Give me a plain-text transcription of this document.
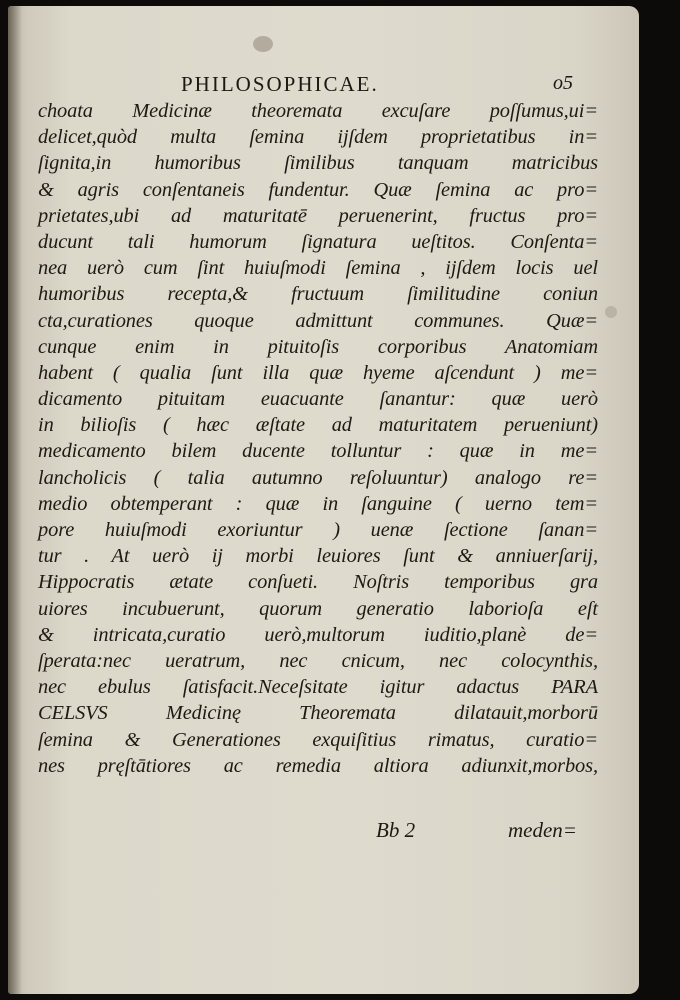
PHILOSOPHICAE.	o5
choata Medicinæ theoremata excuſare poſſumus,ui=
delicet,quòd multa ſemina ijſdem proprietatibus in=
ſignita,in humoribus ſimilibus tanquam matricibus
& agris conſentaneis fundentur. Quæ ſemina ac pro=
prietates,ubi ad maturitatē peruenerint, fructus pro=
ducunt tali humorum ſignatura ueſtitos. Conſenta=
nea uerò cum ſint huiuſmodi ſemina , ijſdem locis uel
humoribus recepta,& fructuum ſimilitudine coniun
cta,curationes quoque admittunt communes. Quæ=
cunque enim in pituitoſis corporibus Anatomiam
habent ( qualia ſunt illa quæ hyeme aſcendunt ) me=
dicamento pituitam euacuante ſanantur: quæ uerò
in bilioſis ( hæc æſtate ad maturitatem perueniunt)
medicamento bilem ducente tolluntur : quæ in me=
lancholicis ( talia autumno reſoluuntur) analogo re=
medio obtemperant : quæ in ſanguine ( uerno tem=
pore huiuſmodi exoriuntur ) uenæ ſectione ſanan=
tur . At uerò ij morbi leuiores ſunt & anniuerſarij,
Hippocratis ætate conſueti. Noſtris temporibus gra
uiores incubuerunt, quorum generatio laborioſa eſt
& intricata,curatio uerò,multorum iuditio,planè de=
ſperata:nec ueratrum, nec cnicum, nec colocynthis,
nec ebulus ſatisfacit.Neceſsitate igitur adactus PARA
CELSVS Medicinę Theoremata dilatauit,morborū
ſemina & Generationes exquiſitius rimatus, curatio=
nes pręſtātiores ac remedia altiora adiunxit,morbos,
Bb 2	meden=
